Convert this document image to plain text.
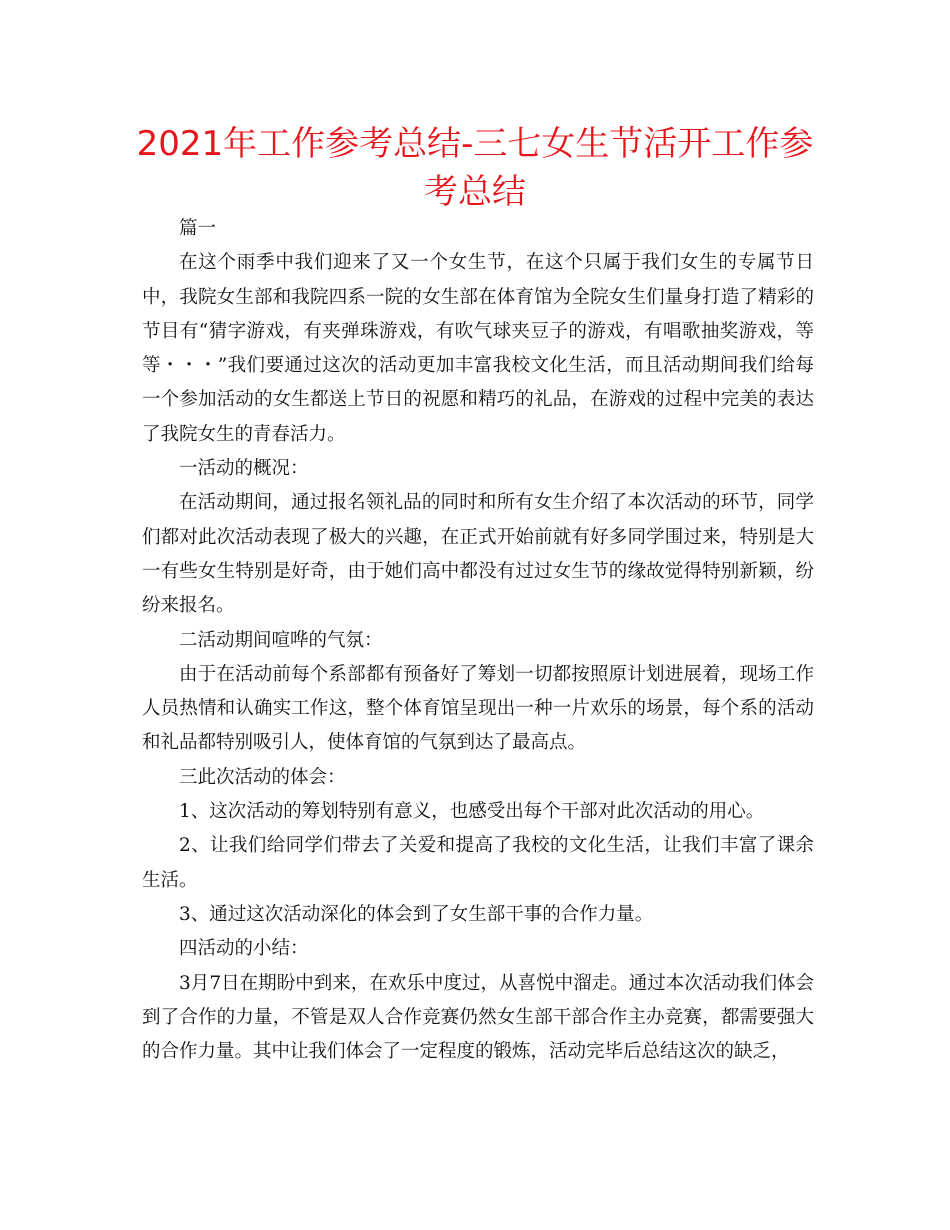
2021年工作参考总结-三七女生节活开工作参考总结

篇一

在这个雨季中我们迎来了又一个女生节，在这个只属于我们女生的专属节日中，我院女生部和我院四系一院的女生部在体育馆为全院女生们量身打造了精彩的节目有“猜字游戏，有夹弹珠游戏，有吹气球夹豆子的游戏，有唱歌抽奖游戏，等等・・・”我们要通过这次的活动更加丰富我校文化生活，而且活动期间我们给每一个参加活动的女生都送上节日的祝愿和精巧的礼品，在游戏的过程中完美的表达了我院女生的青春活力。

一活动的概况：

在活动期间，通过报名领礼品的同时和所有女生介绍了本次活动的环节，同学们都对此次活动表现了极大的兴趣，在正式开始前就有好多同学围过来，特别是大一有些女生特别是好奇，由于她们高中都没有过过女生节的缘故觉得特别新颖，纷纷来报名。

二活动期间喧哗的气氛：

由于在活动前每个系部都有预备好了筹划一切都按照原计划进展着，现场工作人员热情和认确实工作这，整个体育馆呈现出一种一片欢乐的场景，每个系的活动和礼品都特别吸引人，使体育馆的气氛到达了最高点。

三此次活动的体会：

1、这次活动的筹划特别有意义，也感受出每个干部对此次活动的用心。

2、让我们给同学们带去了关爱和提高了我校的文化生活，让我们丰富了课余生活。

3、通过这次活动深化的体会到了女生部干事的合作力量。

四活动的小结：

3月7日在期盼中到来，在欢乐中度过，从喜悦中溜走。通过本次活动我们体会到了合作的力量，不管是双人合作竞赛仍然女生部干部合作主办竞赛，都需要强大的合作力量。其中让我们体会了一定程度的锻炼，活动完毕后总结这次的缺乏，
